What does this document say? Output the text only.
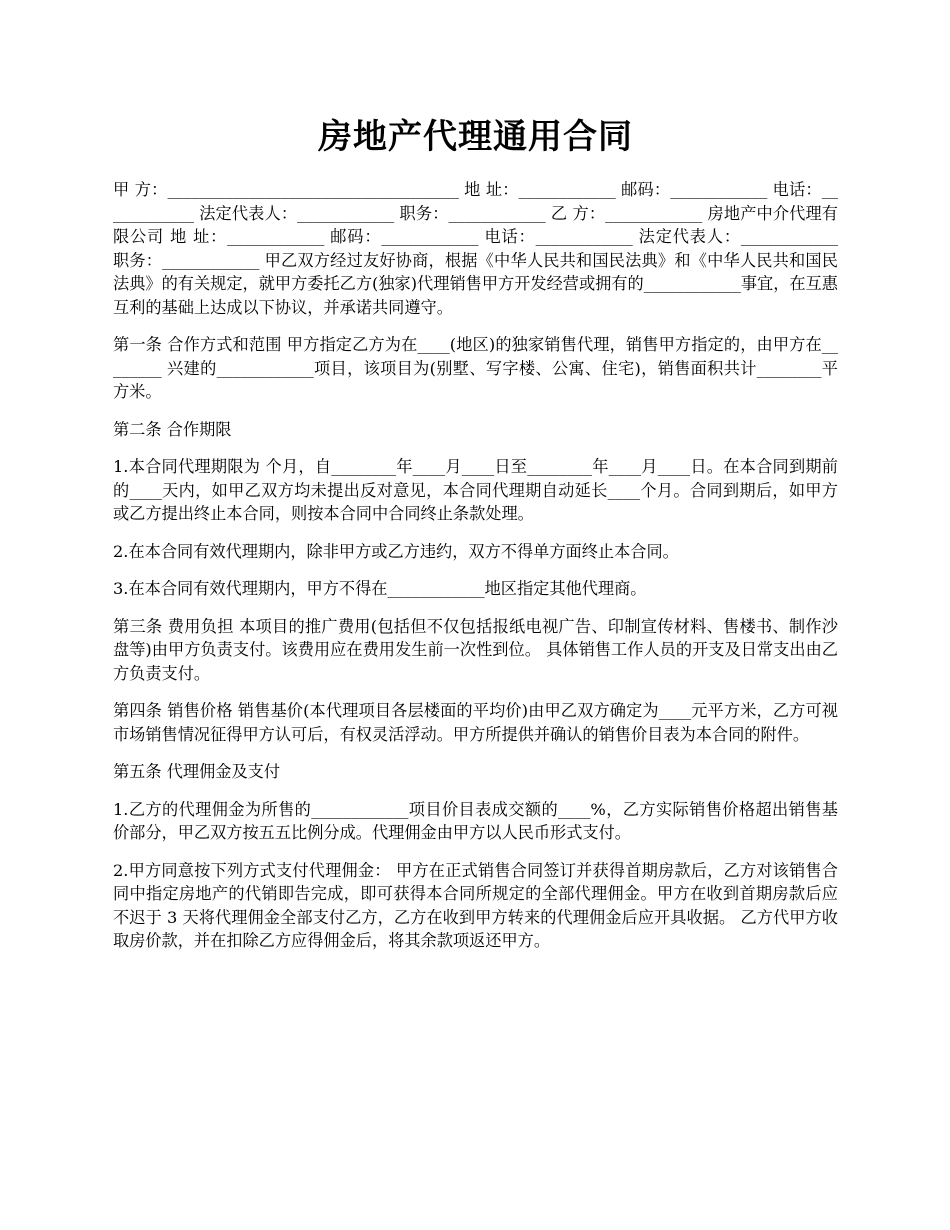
房地产代理通用合同

甲 方：____________________________________ 地 址：____________ 邮码：____________ 电话：____________ 法定代表人：____________ 职务：____________ 乙 方：____________ 房地产中介代理有限公司 地 址：____________ 邮码：____________ 电话：____________ 法定代表人：____________ 职务：____________ 甲乙双方经过友好协商，根据《中华人民共和国民法典》和《中华人民共和国民法典》的有关规定，就甲方委托乙方(独家)代理销售甲方开发经营或拥有的____________事宜，在互惠互利的基础上达成以下协议，并承诺共同遵守。

第一条 合作方式和范围 甲方指定乙方为在____(地区)的独家销售代理，销售甲方指定的，由甲方在________ 兴建的____________项目，该项目为(别墅、写字楼、公寓、住宅)，销售面积共计________平方米。

第二条 合作期限

1.本合同代理期限为 个月，自________年____月____日至________年____月____日。在本合同到期前的____天内，如甲乙双方均未提出反对意见，本合同代理期自动延长____个月。合同到期后，如甲方或乙方提出终止本合同，则按本合同中合同终止条款处理。

2.在本合同有效代理期内，除非甲方或乙方违约，双方不得单方面终止本合同。

3.在本合同有效代理期内，甲方不得在____________地区指定其他代理商。

第三条 费用负担 本项目的推广费用(包括但不仅包括报纸电视广告、印制宣传材料、售楼书、制作沙盘等)由甲方负责支付。该费用应在费用发生前一次性到位。 具体销售工作人员的开支及日常支出由乙方负责支付。

第四条 销售价格 销售基价(本代理项目各层楼面的平均价)由甲乙双方确定为____元平方米，乙方可视市场销售情况征得甲方认可后，有权灵活浮动。甲方所提供并确认的销售价目表为本合同的附件。

第五条 代理佣金及支付

1.乙方的代理佣金为所售的____________项目价目表成交额的____%，乙方实际销售价格超出销售基价部分，甲乙双方按五五比例分成。代理佣金由甲方以人民币形式支付。

2.甲方同意按下列方式支付代理佣金： 甲方在正式销售合同签订并获得首期房款后，乙方对该销售合同中指定房地产的代销即告完成，即可获得本合同所规定的全部代理佣金。甲方在收到首期房款后应不迟于 3 天将代理佣金全部支付乙方，乙方在收到甲方转来的代理佣金后应开具收据。 乙方代甲方收取房价款，并在扣除乙方应得佣金后，将其余款项返还甲方。
